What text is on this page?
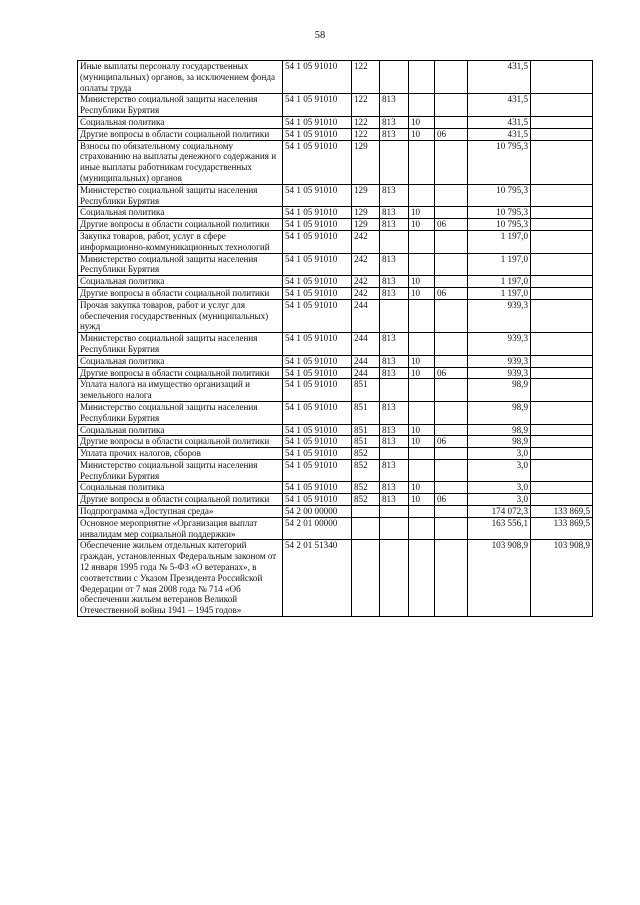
58
Иные выплаты персоналу государственных (муниципальных) органов, за исключением фонда оплаты труда	54 1 05 91010	122				431,5	
Министерство социальной защиты населения Республики Бурятия	54 1 05 91010	122	813			431,5	
Социальная политика	54 1 05 91010	122	813	10		431,5	
Другие вопросы в области социальной политики	54 1 05 91010	122	813	10	06	431,5	
Взносы по обязательному социальному страхованию на выплаты денежного содержания и иные выплаты работникам государственных (муниципальных) органов	54 1 05 91010	129				10 795,3	
Министерство социальной защиты населения Республики Бурятия	54 1 05 91010	129	813			10 795,3	
Социальная политика	54 1 05 91010	129	813	10		10 795,3	
Другие вопросы в области социальной политики	54 1 05 91010	129	813	10	06	10 795,3	
Закупка товаров, работ, услуг в сфере информационно-коммуникационных технологий	54 1 05 91010	242				1 197,0	
Министерство социальной защиты населения Республики Бурятия	54 1 05 91010	242	813			1 197,0	
Социальная политика	54 1 05 91010	242	813	10		1 197,0	
Другие вопросы в области социальной политики	54 1 05 91010	242	813	10	06	1 197,0	
Прочая закупка товаров, работ и услуг для обеспечения государственных (муниципальных) нужд	54 1 05 91010	244				939,3	
Министерство социальной защиты населения Республики Бурятия	54 1 05 91010	244	813			939,3	
Социальная политика	54 1 05 91010	244	813	10		939,3	
Другие вопросы в области социальной политики	54 1 05 91010	244	813	10	06	939,3	
Уплата налога на имущество организаций и земельного налога	54 1 05 91010	851				98,9	
Министерство социальной защиты населения Республики Бурятия	54 1 05 91010	851	813			98,9	
Социальная политика	54 1 05 91010	851	813	10		98,9	
Другие вопросы в области социальной политики	54 1 05 91010	851	813	10	06	98,9	
Уплата прочих налогов, сборов	54 1 05 91010	852				3,0	
Министерство социальной защиты населения Республики Бурятия	54 1 05 91010	852	813			3,0	
Социальная политика	54 1 05 91010	852	813	10		3,0	
Другие вопросы в области социальной политики	54 1 05 91010	852	813	10	06	3,0	
Подпрограмма «Доступная среда»	54 2 00 00000					174 072,3	133 869,5
Основное мероприятие «Организация выплат инвалидам мер социальной поддержки»	54 2 01 00000					163 556,1	133 869,5
Обеспечение жильем отдельных категорий граждан, установленных Федеральным законом от 12 января 1995 года № 5-ФЗ «О ветеранах», в соответствии с Указом Президента Российской Федерации от 7 мая 2008 года № 714 «Об обеспечении жильем ветеранов Великой Отечественной войны 1941 – 1945 годов»	54 2 01 51340					103 908,9	103 908,9
